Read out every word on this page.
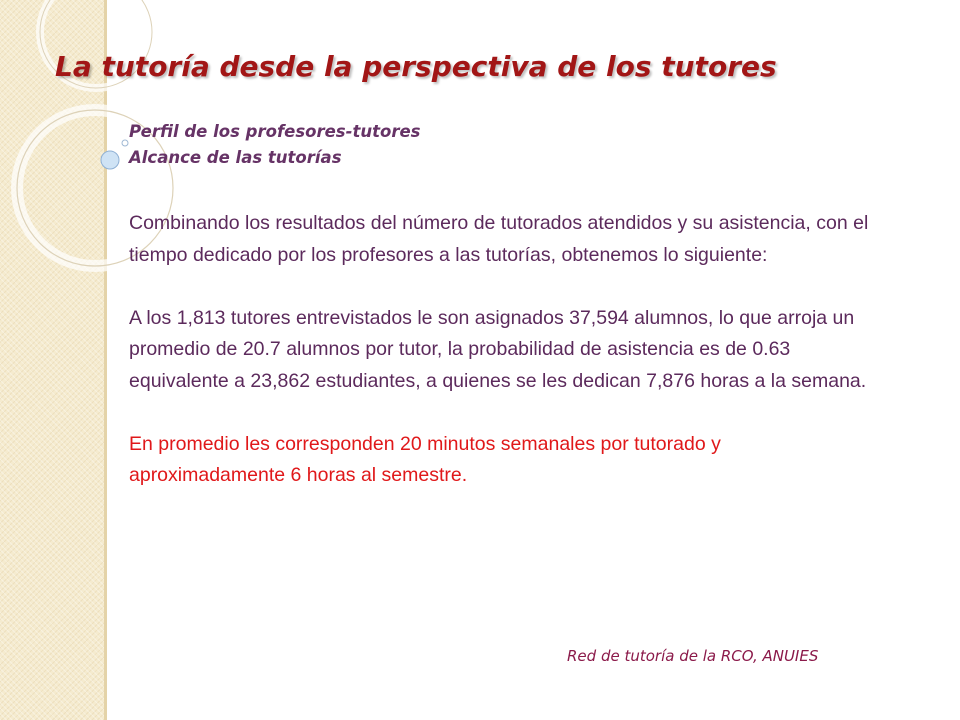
La tutoría desde la perspectiva de los tutores
Perfil de los profesores-tutores
Alcance de las tutorías

Combinando los resultados del número de tutorados atendidos y su asistencia, con el tiempo dedicado por los profesores a las tutorías, obtenemos lo siguiente:

A los 1,813 tutores entrevistados le son asignados 37,594 alumnos, lo que arroja un promedio de 20.7 alumnos por tutor, la probabilidad de asistencia es de 0.63 equivalente a 23,862 estudiantes, a quienes se les dedican 7,876 horas a la semana.

En promedio les corresponden 20 minutos semanales por tutorado y aproximadamente 6 horas al semestre.

Red de tutoría de la RCO, ANUIES
